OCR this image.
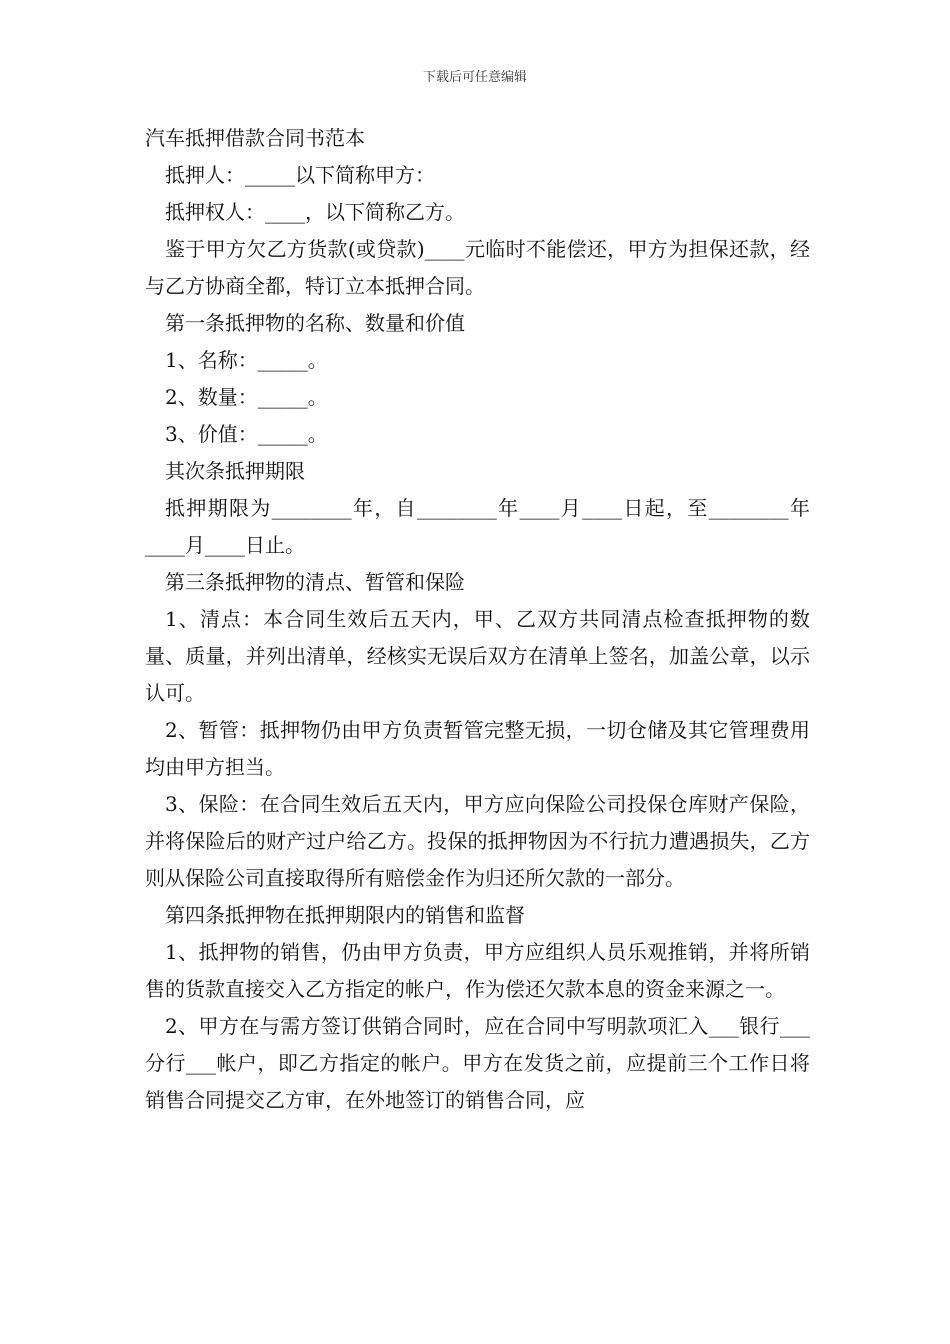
下载后可任意编辑

汽车抵押借款合同书范本

抵押人：_____以下简称甲方：

抵押权人：____，以下简称乙方。

鉴于甲方欠乙方货款(或贷款)____元临时不能偿还，甲方为担保还款，经与乙方协商全都，特订立本抵押合同。

第一条抵押物的名称、数量和价值

1、名称：_____。

2、数量：_____。

3、价值：_____。

其次条抵押期限

抵押期限为________年，自________年____月____日起，至________年____月____日止。

第三条抵押物的清点、暂管和保险

1、清点：本合同生效后五天内，甲、乙双方共同清点检查抵押物的数量、质量，并列出清单，经核实无误后双方在清单上签名，加盖公章，以示认可。

2、暂管：抵押物仍由甲方负责暂管完整无损，一切仓储及其它管理费用均由甲方担当。

3、保险：在合同生效后五天内，甲方应向保险公司投保仓库财产保险，并将保险后的财产过户给乙方。投保的抵押物因为不行抗力遭遇损失，乙方则从保险公司直接取得所有赔偿金作为归还所欠款的一部分。

第四条抵押物在抵押期限内的销售和监督

1、抵押物的销售，仍由甲方负责，甲方应组织人员乐观推销，并将所销售的货款直接交入乙方指定的帐户，作为偿还欠款本息的资金来源之一。

2、甲方在与需方签订供销合同时，应在合同中写明款项汇入___银行___分行___帐户，即乙方指定的帐户。甲方在发货之前，应提前三个工作日将销售合同提交乙方审，在外地签订的销售合同，应
